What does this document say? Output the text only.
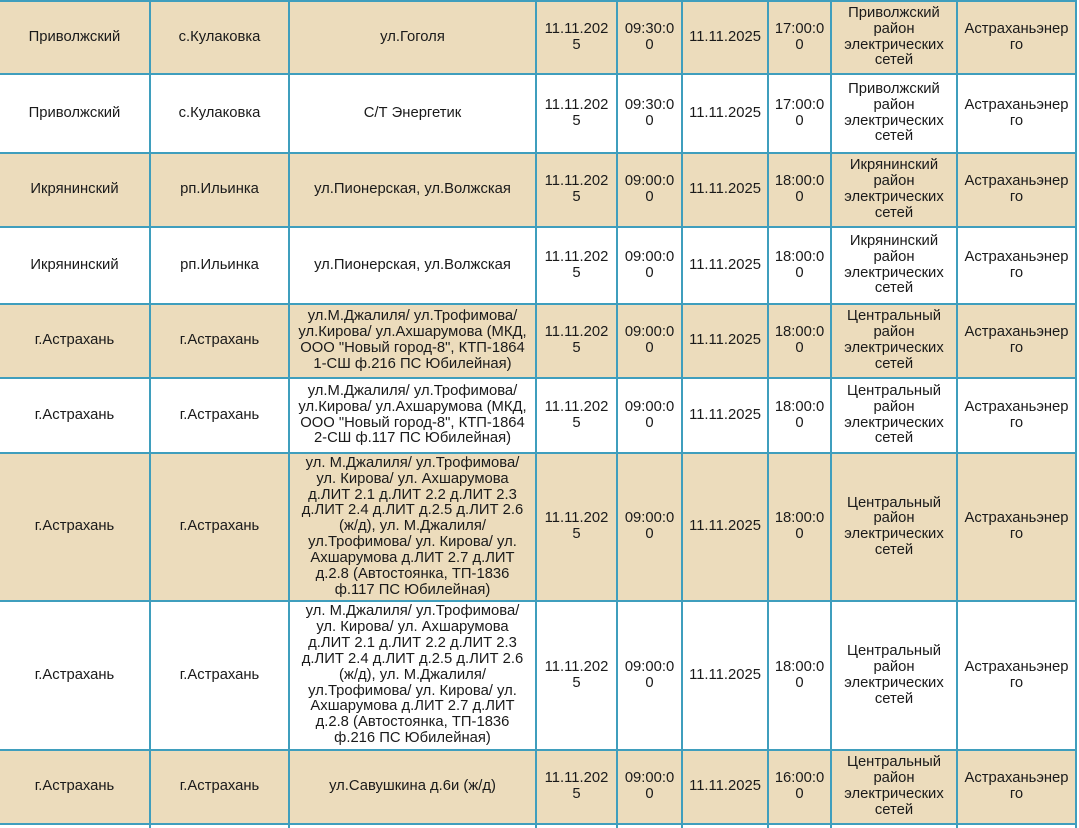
Приволжский	с.Кулаковка	ул.Гоголя	11.11.2025	09:30:00	11.11.2025	17:00:00	Приволжский район электрических сетей	Астраханьэнерго
Приволжский	с.Кулаковка	С/Т Энергетик	11.11.2025	09:30:00	11.11.2025	17:00:00	Приволжский район электрических сетей	Астраханьэнерго
Икрянинский	рп.Ильинка	ул.Пионерская, ул.Волжская	11.11.2025	09:00:00	11.11.2025	18:00:00	Икрянинский район электрических сетей	Астраханьэнерго
Икрянинский	рп.Ильинка	ул.Пионерская, ул.Волжская	11.11.2025	09:00:00	11.11.2025	18:00:00	Икрянинский район электрических сетей	Астраханьэнерго
г.Астрахань	г.Астрахань	ул.М.Джалиля/ ул.Трофимова/ ул.Кирова/ ул.Ахшарумова (МКД, ООО "Новый город-8", КТП-1864 1-СШ ф.216 ПС Юбилейная)	11.11.2025	09:00:00	11.11.2025	18:00:00	Центральный район электрических сетей	Астраханьэнерго
г.Астрахань	г.Астрахань	ул.М.Джалиля/ ул.Трофимова/ ул.Кирова/ ул.Ахшарумова (МКД, ООО "Новый город-8", КТП-1864 2-СШ ф.117 ПС Юбилейная)	11.11.2025	09:00:00	11.11.2025	18:00:00	Центральный район электрических сетей	Астраханьэнерго
г.Астрахань	г.Астрахань	ул. М.Джалиля/ ул.Трофимова/ ул. Кирова/ ул. Ахшарумова д.ЛИТ 2.1 д.ЛИТ 2.2 д.ЛИТ 2.3 д.ЛИТ 2.4 д.ЛИТ д.2.5 д.ЛИТ 2.6 (ж/д), ул. М.Джалиля/ ул.Трофимова/ ул. Кирова/ ул. Ахшарумова д.ЛИТ 2.7 д.ЛИТ д.2.8 (Автостоянка, ТП-1836 ф.117 ПС Юбилейная)	11.11.2025	09:00:00	11.11.2025	18:00:00	Центральный район электрических сетей	Астраханьэнерго
г.Астрахань	г.Астрахань	ул. М.Джалиля/ ул.Трофимова/ ул. Кирова/ ул. Ахшарумова д.ЛИТ 2.1 д.ЛИТ 2.2 д.ЛИТ 2.3 д.ЛИТ 2.4 д.ЛИТ д.2.5 д.ЛИТ 2.6 (ж/д), ул. М.Джалиля/ ул.Трофимова/ ул. Кирова/ ул. Ахшарумова д.ЛИТ 2.7 д.ЛИТ д.2.8 (Автостоянка, ТП-1836 ф.216 ПС Юбилейная)	11.11.2025	09:00:00	11.11.2025	18:00:00	Центральный район электрических сетей	Астраханьэнерго
г.Астрахань	г.Астрахань	ул.Савушкина д.6и (ж/д)	11.11.2025	09:00:00	11.11.2025	16:00:00	Центральный район электрических сетей	Астраханьэнерго
